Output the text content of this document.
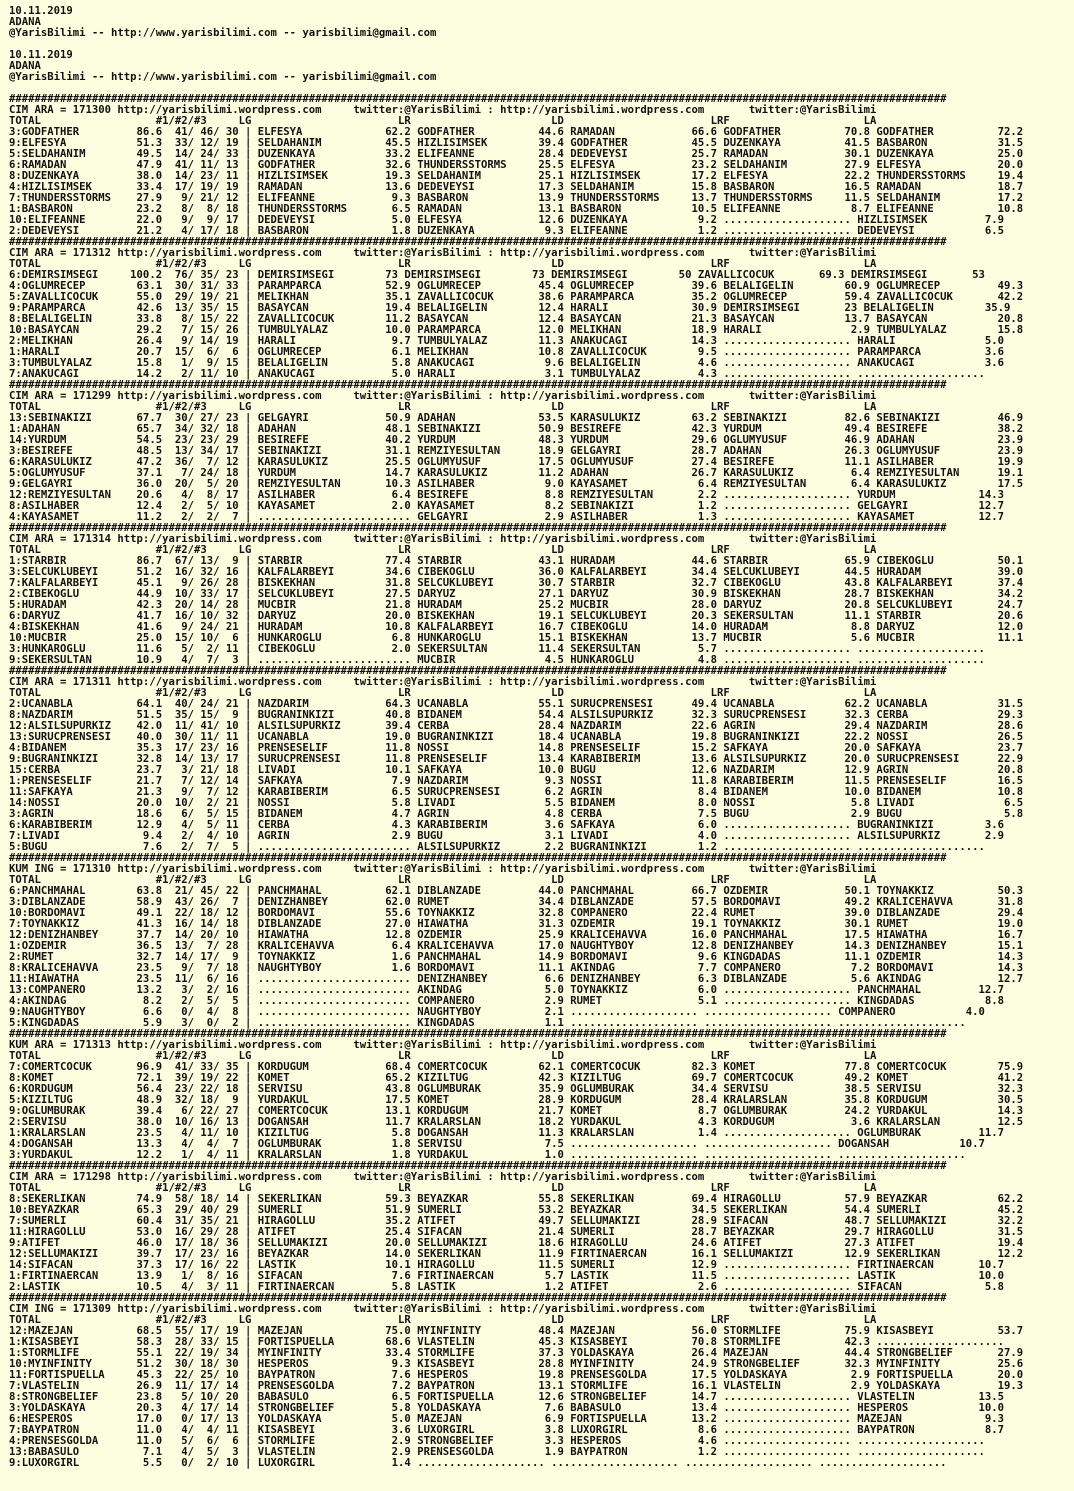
10.11.2019
ADANA
@YarisBilimi -- http://www.yarisbilimi.com -- yarisbilimi@gmail.com
10.11.2019
ADANA
@YarisBilimi -- http://www.yarisbilimi.com -- yarisbilimi@gmail.com
###################################################################################################################################################
CIM ARA = 171300 http://yarisbilimi.wordpress.com     twitter:@YarisBilimi : http://yarisbilimi.wordpress.com       twitter:@YarisBilimi
TOTAL                  #1/#2/#3     LG                       LR                      LD                       LRF                     LA
3:GODFATHER         86.6  41/ 46/ 30 | ELFESYA             62.2 GODFATHER          44.6 RAMADAN            66.6 GODFATHER          70.8 GODFATHER          72.2
9:ELFESYA           51.3  33/ 12/ 19 | SELDAHANIM          45.5 HIZLISIMSEK        39.4 GODFATHER          45.5 DUZENKAYA          41.5 BASBARON           31.5
5:SELDAHANIM        49.5  14/ 24/ 33 | DUZENKAYA           33.2 ELIFEANNE          28.4 DEDEVEYSI          25.7 RAMADAN            30.1 DUZENKAYA          25.0
6:RAMADAN           47.9  41/ 11/ 13 | GODFATHER           32.6 THUNDERSSTORMS     25.5 ELFESYA            23.2 SELDAHANIM         27.9 ELFESYA            20.0
8:DUZENKAYA         38.0  14/ 23/ 11 | HIZLISIMSEK         19.3 SELDAHANIM         25.1 HIZLISIMSEK        17.2 ELFESYA            22.2 THUNDERSSTORMS     19.4
4:HIZLISIMSEK       33.4  17/ 19/ 19 | RAMADAN             13.6 DEDEVEYSI          17.3 SELDAHANIM         15.8 BASBARON           16.5 RAMADAN            18.7
7:THUNDERSSTORMS    27.9   9/ 21/ 12 | ELIFEANNE            9.3 BASBARON           13.9 THUNDERSSTORMS     13.7 THUNDERSSTORMS     11.5 SELDAHANIM         17.2
1:BASBARON          23.2   8/  8/ 18 | THUNDERSSTORMS       6.5 RAMADAN            13.1 BASBARON           10.5 ELIFEANNE           8.7 ELIFEANNE          10.8
10:ELIFEANNE        22.0   9/  9/ 17 | DEDEVEYSI            5.0 ELFESYA            12.6 DUZENKAYA           9.2 .................... HIZLISIMSEK         7.9
2:DEDEVEYSI         21.2   4/ 17/ 18 | BASBARON             1.8 DUZENKAYA           9.3 ELIFEANNE           1.2 .................... DEDEVEYSI           6.5
###################################################################################################################################################
CIM ARA = 171312 http://yarisbilimi.wordpress.com     twitter:@YarisBilimi : http://yarisbilimi.wordpress.com       twitter:@YarisBilimi
TOTAL                  #1/#2/#3     LG                       LR                      LD                       LRF                     LA
6:DEMIRSIMSEGI     100.2  76/ 35/ 23 | DEMIRSIMSEGI        73 DEMIRSIMSEGI        73 DEMIRSIMSEGI        50 ZAVALLICOCUK       69.3 DEMIRSIMSEGI       53
4:OGLUMRECEP        63.1  30/ 31/ 33 | PARAMPARCA          52.9 OGLUMRECEP         45.4 OGLUMRECEP         39.6 BELALIGELIN        60.9 OGLUMRECEP         49.3
5:ZAVALLICOCUK      55.0  29/ 19/ 21 | MELIKHAN            35.1 ZAVALLICOCUK       38.6 PARAMPARCA         35.2 OGLUMRECEP         59.4 ZAVALLICOCUK       42.2
9:PARAMPARCA        42.6  13/ 35/ 15 | BASAYCAN            19.4 BELALIGELIN        12.4 HARALI             30.9 DEMIRSIMSEGI       23 BELALIGELIN        35.9
8:BELALIGELIN       33.8   8/ 15/ 22 | ZAVALLICOCUK        11.2 BASAYCAN           12.4 BASAYCAN           21.3 BASAYCAN           13.7 BASAYCAN           20.8
10:BASAYCAN         29.2   7/ 15/ 26 | TUMBULYALAZ         10.0 PARAMPARCA         12.0 MELIKHAN           18.9 HARALI              2.9 TUMBULYALAZ        15.8
2:MELIKHAN          26.4   9/ 14/ 19 | HARALI               9.7 TUMBULYALAZ        11.3 ANAKUCAGI          14.3 .................... HARALI              5.0
1:HARALI            20.7  15/  6/  6 | OGLUMRECEP           6.1 MELIKHAN           10.8 ZAVALLICOCUK        9.5 .................... PARAMPARCA          3.6
3:TUMBULYALAZ       15.8   1/  9/ 15 | BELALIGELIN          5.8 ANAKUCAGI           9.6 BELALIGELIN         4.6 .................... ANAKUCAGI           3.6
7:ANAKUCAGI         14.2   2/ 11/ 10 | ANAKUCAGI            5.0 HARALI              3.1 TUMBULYALAZ         4.3 .................... ....................
###################################################################################################################################################
CIM ARA = 171299 http://yarisbilimi.wordpress.com     twitter:@YarisBilimi : http://yarisbilimi.wordpress.com       twitter:@YarisBilimi
TOTAL                  #1/#2/#3     LG                       LR                      LD                       LRF                     LA
13:SEBINAKIZI       67.7  30/ 27/ 23 | GELGAYRI            50.9 ADAHAN             53.5 KARASULUKIZ        63.2 SEBINAKIZI         82.6 SEBINAKIZI         46.9
1:ADAHAN            65.7  34/ 32/ 18 | ADAHAN              48.1 SEBINAKIZI         50.9 BESIREFE           42.3 YURDUM             49.4 BESIREFE           38.2
14:YURDUM           54.5  23/ 23/ 29 | BESIREFE            40.2 YURDUM             48.3 YURDUM             29.6 OGLUMYUSUF         46.9 ADAHAN             23.9
3:BESIREFE          48.5  13/ 34/ 17 | SEBINAKIZI          31.1 REMZIYESULTAN      18.9 GELGAYRI           28.7 ADAHAN             26.3 OGLUMYUSUF         23.9
6:KARASULUKIZ       47.2  36/  7/ 12 | KARASULUKIZ         25.5 OGLUMYUSUF         17.5 OGLUMYUSUF         27.4 BESIREFE           11.1 ASILHABER          19.9
5:OGLUMYUSUF        37.1   7/ 24/ 18 | YURDUM              14.7 KARASULUKIZ        11.2 ADAHAN             26.7 KARASULUKIZ         6.4 REMZIYESULTAN      19.1
9:GELGAYRI          36.0  20/  5/ 20 | REMZIYESULTAN       10.3 ASILHABER           9.0 KAYASAMET           6.4 REMZIYESULTAN       6.4 KARASULUKIZ        17.5
12:REMZIYESULTAN    20.6   4/  8/ 17 | ASILHABER            6.4 BESIREFE            8.8 REMZIYESULTAN       2.2 .................... YURDUM             14.3
8:ASILHABER         12.4   2/  5/ 10 | KAYASAMET            2.0 KAYASAMET           8.2 SEBINAKIZI          1.2 .................... GELGAYRI           12.7
4:KAYASAMET         11.2   2/  2/  7 | ........................ GELGAYRI            2.9 ASILHABER           1.3 .................... KAYASAMET          12.7
###################################################################################################################################################
CIM ARA = 171314 http://yarisbilimi.wordpress.com     twitter:@YarisBilimi : http://yarisbilimi.wordpress.com       twitter:@YarisBilimi
TOTAL                  #1/#2/#3     LG                       LR                      LD                       LRF                     LA
1:STARBIR           86.7  67/ 13/  9 | STARBIR             77.4 STARBIR            43.1 HURADAM            44.6 STARBIR            65.9 CIBEKOGLU          50.1
3:SELCUKLUBEYI      51.2  16/ 32/ 16 | KALFALARBEYI        34.6 CIBEKOGLU          36.0 KALFALARBEYI       34.4 SELCUKLUBEYI       44.5 HURADAM            39.0
7:KALFALARBEYI      45.1   9/ 26/ 28 | BISKEKHAN           31.8 SELCUKLUBEYI       30.7 STARBIR            32.7 CIBEKOGLU          43.8 KALFALARBEYI       37.4
2:CIBEKOGLU         44.9  10/ 33/ 17 | SELCUKLUBEYI        27.5 DARYUZ             27.1 DARYUZ             30.9 BISKEKHAN          28.7 BISKEKHAN          34.2
5:HURADAM           42.3  20/ 14/ 28 | MUCBIR              21.8 HURADAM            25.2 MUCBIR             28.0 DARYUZ             20.8 SELCUKLUBEYI       24.7
6:DARYUZ            41.7  16/ 10/ 32 | DARYUZ              20.0 BISKEKHAN          19.1 SELCUKLUBEYI       20.3 SEKERSULTAN        11.1 STARBIR            20.6
4:BISKEKHAN         41.6   9/ 24/ 21 | HURADAM             10.8 KALFALARBEYI       16.7 CIBEKOGLU          14.0 HURADAM             8.8 DARYUZ             12.0
10:MUCBIR           25.0  15/ 10/  6 | HUNKAROGLU           6.8 HUNKAROGLU         15.1 BISKEKHAN          13.7 MUCBIR              5.6 MUCBIR             11.1
3:HUNKAROGLU        11.6   5/  2/ 11 | CIBEKOGLU            2.0 SEKERSULTAN        11.4 SEKERSULTAN         5.7 .................... ....................
9:SEKERSULTAN       10.9   4/  7/  3 | ........................ MUCBIR              4.5 HUNKAROGLU          4.8 .................... ....................
###################################################################################################################################################
CIM ARA = 171311 http://yarisbilimi.wordpress.com     twitter:@YarisBilimi : http://yarisbilimi.wordpress.com       twitter:@YarisBilimi
TOTAL                  #1/#2/#3     LG                       LR                      LD                       LRF                     LA
2:UCANABLA          64.1  40/ 24/ 21 | NAZDARIM            64.3 UCANABLA           55.1 SURUCPRENSESI      49.4 UCANABLA           62.2 UCANABLA           31.5
8:NAZDARIM          51.5  35/ 15/  9 | BUGRANINKIZI        40.8 BIDANEM            54.4 ALSILSUPURKIZ      32.3 SURUCPRENSESI      32.3 CERBA              29.3
12:ALSILSUPURKIZ    42.0  11/ 41/ 10 | ALSILSUPURKIZ       39.4 CERBA              28.4 NAZDARIM           22.6 AGRIN              29.4 NAZDARIM           28.6
13:SURUCPRENSESI    40.0  30/ 11/ 11 | UCANABLA            19.0 BUGRANINKIZI       18.4 UCANABLA           19.8 BUGRANINKIZI       22.2 NOSSI              26.5
4:BIDANEM           35.3  17/ 23/ 16 | PRENSESELIF         11.8 NOSSI              14.8 PRENSESELIF        15.2 SAFKAYA            20.0 SAFKAYA            23.7
9:BUGRANINKIZI      32.8  14/ 13/ 17 | SURUCPRENSESI       11.8 PRENSESELIF        13.4 KARABIBERIM        13.6 ALSILSUPURKIZ      20.0 SURUCPRENSESI      22.9
15:CERBA            23.7   3/ 21/ 18 | LIVADI              10.1 SAFKAYA            10.0 BUGU               12.6 NAZDARIM           12.9 AGRIN              20.8
1:PRENSESELIF       21.7   7/ 12/ 14 | SAFKAYA              7.9 NAZDARIM            9.3 NOSSI              11.8 KARABIBERIM        11.5 PRENSESELIF        16.5
11:SAFKAYA          21.3   9/  7/ 12 | KARABIBERIM          6.5 SURUCPRENSESI       6.2 AGRIN               8.4 BIDANEM            10.0 BIDANEM            10.8
14:NOSSI            20.0  10/  2/ 21 | NOSSI                5.8 LIVADI              5.5 BIDANEM             8.0 NOSSI               5.8 LIVADI              6.5
3:AGRIN             18.6   6/  5/ 15 | BIDANEM              4.7 AGRIN               4.8 CERBA               7.5 BUGU                2.9 BUGU                5.8
6:KARABIBERIM       12.9   4/  5/ 11 | CERBA                4.3 KARABIBERIM         3.6 SAFKAYA             6.0 .................... BUGRANINKIZI        3.6
7:LIVADI             9.4   2/  4/ 10 | AGRIN                2.9 BUGU                3.1 LIVADI              4.0 .................... ALSILSUPURKIZ       2.9
5:BUGU               7.6   2/  7/  5 | ........................ ALSILSUPURKIZ       2.2 BUGRANINKIZI        1.2 .................... ....................
###################################################################################################################################################
KUM ING = 171310 http://yarisbilimi.wordpress.com     twitter:@YarisBilimi : http://yarisbilimi.wordpress.com       twitter:@YarisBilimi
TOTAL                  #1/#2/#3     LG                       LR                      LD                       LRF                     LA
6:PANCHMAHAL        63.8  21/ 45/ 22 | PANCHMAHAL          62.1 DIBLANZADE         44.0 PANCHMAHAL         66.7 OZDEMIR            50.1 TOYNAKKIZ          50.3
3:DIBLANZADE        58.9  43/ 26/  7 | DENIZHANBEY         62.0 RUMET              34.4 DIBLANZADE         57.5 BORDOMAVI          49.2 KRALICEHAVVA       31.8
10:BORDOMAVI        49.1  22/ 18/ 12 | BORDOMAVI           55.6 TOYNAKKIZ          32.8 COMPANERO          22.4 RUMET              39.0 DIBLANZADE         29.4
7:TOYNAKKIZ         41.3  16/ 14/ 18 | DIBLANZADE          27.0 HIAWATHA           31.3 OZDEMIR            19.1 TOYNAKKIZ          30.1 RUMET              19.0
12:DENIZHANBEY      37.7  14/ 20/ 10 | HIAWATHA            12.8 OZDEMIR            25.9 KRALICEHAVVA       16.0 PANCHMAHAL         17.5 HIAWATHA           16.7
1:OZDEMIR           36.5  13/  7/ 28 | KRALICEHAVVA         6.4 KRALICEHAVVA       17.0 NAUGHTYBOY         12.8 DENIZHANBEY        14.3 DENIZHANBEY        15.1
2:RUMET             32.7  14/ 17/  9 | TOYNAKKIZ            1.6 PANCHMAHAL         14.9 BORDOMAVI           9.6 KINGDADAS          11.1 OZDEMIR            14.3
8:KRALICEHAVVA      23.5   9/  7/ 18 | NAUGHTYBOY           1.6 BORDOMAVI          11.1 AKINDAG             7.7 COMPANERO           7.2 BORDOMAVI          14.3
11:HIAWATHA         23.5  11/  6/ 16 | ........................ DENIZHANBEY         6.6 DENIZHANBEY         6.3 DIBLANZADE          5.6 AKINDAG            12.7
13:COMPANERO        13.2   3/  2/ 16 | ........................ AKINDAG             5.0 TOYNAKKIZ           6.0 .................... PANCHMAHAL         12.7
4:AKINDAG            8.2   2/  5/  5 | ........................ COMPANERO           2.9 RUMET               5.1 .................... KINGDADAS           8.8
9:NAUGHTYBOY         6.6   0/  4/  8 | ........................ NAUGHTYBOY          2.1 .................... .................... COMPANERO           4.0
5:KINGDADAS          5.9   3/  0/  2 | ........................ KINGDADAS           1.1 .................... .................... ....................
###################################################################################################################################################
KUM ARA = 171313 http://yarisbilimi.wordpress.com     twitter:@YarisBilimi : http://yarisbilimi.wordpress.com       twitter:@YarisBilimi
TOTAL                  #1/#2/#3     LG                       LR                      LD                       LRF                     LA
7:COMERTCOCUK       96.9  41/ 33/ 35 | KORDUGUM            68.4 COMERTCOCUK        62.1 COMERTCOCUK        82.3 KOMET              77.8 COMERTCOCUK        75.9
8:KOMET             72.1  39/ 19/ 22 | KOMET               65.2 KIZILTUG           42.3 KIZILTUG           69.7 COMERTCOCUK        49.2 KOMET              41.2
6:KORDUGUM          56.4  23/ 22/ 18 | SERVISU             43.8 OGLUMBURAK         35.9 OGLUMBURAK         34.4 SERVISU            38.5 SERVISU            32.3
5:KIZILTUG          48.9  32/ 18/  9 | YURDAKUL            17.5 KOMET              28.9 KORDUGUM           28.4 KRALARSLAN         35.8 KORDUGUM           30.5
9:OGLUMBURAK        39.4   6/ 22/ 27 | COMERTCOCUK         13.1 KORDUGUM           21.7 KOMET               8.7 OGLUMBURAK         24.2 YURDAKUL           14.3
2:SERVISU           38.0  10/ 16/ 13 | DOGANSAH            11.7 KRALARSLAN         18.2 YURDAKUL            4.3 KORDUGUM            3.6 KRALARSLAN         12.5
1:KRALARSLAN        23.5   4/ 11/ 10 | KIZILTUG             5.8 DOGANSAH           11.3 KRALARSLAN          1.4 .................... OGLUMBURAK         11.7
4:DOGANSAH          13.3   4/  4/  7 | OGLUMBURAK           1.8 SERVISU             7.5 .................... .................... DOGANSAH           10.7
3:YURDAKUL          12.2   1/  4/ 11 | KRALARSLAN           1.8 YURDAKUL            1.0 .................... .................... ....................
###################################################################################################################################################
CIM ARA = 171298 http://yarisbilimi.wordpress.com     twitter:@YarisBilimi : http://yarisbilimi.wordpress.com       twitter:@YarisBilimi
TOTAL                  #1/#2/#3     LG                       LR                      LD                       LRF                     LA
8:SEKERLIKAN        74.9  58/ 18/ 14 | SEKERLIKAN          59.3 BEYAZKAR           55.8 SEKERLIKAN         69.4 HIRAGOLLU          57.9 BEYAZKAR           62.2
10:BEYAZKAR         65.3  29/ 40/ 29 | SUMERLI             51.9 SUMERLI            53.2 BEYAZKAR           34.5 SEKERLIKAN         54.4 SUMERLI            45.2
7:SUMERLI           60.4  31/ 35/ 21 | HIRAGOLLU           35.2 ATIFET             49.7 SELLUMAKIZI        28.9 SIFACAN            48.7 SELLUMAKIZI        32.2
11:HIRAGOLLU        53.0  16/ 29/ 28 | ATIFET              25.4 SIFACAN            21.4 SUMERLI            28.7 BEYAZKAR           29.7 HIRAGOLLU          31.5
9:ATIFET            46.0  17/ 18/ 36 | SELLUMAKIZI         20.0 SELLUMAKIZI        18.6 HIRAGOLLU          24.6 ATIFET             27.3 ATIFET             19.4
12:SELLUMAKIZI      39.7  17/ 23/ 16 | BEYAZKAR            14.0 SEKERLIKAN         11.9 FIRTINAERCAN       16.1 SELLUMAKIZI        12.9 SEKERLIKAN         12.2
14:SIFACAN          37.3  17/ 16/ 22 | LASTIK              10.1 HIRAGOLLU          11.5 SUMERLI            12.9 .................... FIRTINAERCAN       10.7
1:FIRTINAERCAN      13.9   1/  8/ 16 | SIFACAN              7.6 FIRTINAERCAN        5.7 LASTIK             11.5 .................... LASTIK             10.0
2:LASTIK            10.5   4/  3/ 11 | FIRTINAERCAN         5.8 LASTIK              1.2 ATIFET              2.6 .................... SIFACAN             5.8
###################################################################################################################################################
CIM ING = 171309 http://yarisbilimi.wordpress.com     twitter:@YarisBilimi : http://yarisbilimi.wordpress.com       twitter:@YarisBilimi
TOTAL                  #1/#2/#3     LG                       LR                      LD                       LRF                     LA
12:MAZEJAN          68.5  55/ 17/ 19 | MAZEJAN             75.0 MYINFINITY         48.4 MAZEJAN            56.0 STORMLIFE          75.9 KISASBEYI          53.7
1:KISASBEYI         58.3  28/ 33/ 15 | FORTISPUELLA        68.6 VLASTELIN          45.3 KISASBEYI          70.8 STORMLIFE          42.3 ....................
1:STORMLIFE         55.1  22/ 19/ 34 | MYINFINITY          33.4 STORMLIFE          37.3 YOLDASKAYA         26.4 MAZEJAN            44.4 STRONGBELIEF       27.9
10:MYINFINITY       51.2  30/ 18/ 30 | HESPEROS             9.3 KISASBEYI          28.8 MYINFINITY         24.9 STRONGBELIEF       32.3 MYINFINITY         25.6
11:FORTISPUELLA     45.3  22/ 25/ 10 | BAYPATRON            7.6 HESPEROS           19.8 PRENSESGOLDA       17.5 YOLDASKAYA          2.9 FORTISPUELLA       20.0
7:VLASTELIN         26.9  11/ 17/ 14 | PRENSESGOLDA         7.2 BAYPATRON          13.1 STORMLIFE          16.1 VLASTELIN           2.9 YOLDASKAYA         19.3
8:STRONGBELIEF      23.8   5/ 10/ 20 | BABASULO             6.5 FORTISPUELLA       12.6 STRONGBELIEF       14.7 .................... VLASTELIN          13.5
3:YOLDASKAYA        20.3   4/ 17/ 14 | STRONGBELIEF         5.8 YOLDASKAYA          7.6 BABASULO           13.4 .................... HESPEROS           10.0
6:HESPEROS          17.0   0/ 17/ 13 | YOLDASKAYA           5.0 MAZEJAN             6.9 FORTISPUELLA       13.2 .................... MAZEJAN             9.3
7:BAYPATRON         11.0   4/  4/ 11 | KISASBEYI            3.6 LUXORGIRL           3.8 LUXORGIRL           8.6 .................... BAYPATRON           8.7
4:PRENSESGOLDA      11.0   5/  6/  6 | STORMLIFE            2.9 STRONGBELIEF        3.3 HESPEROS            4.6 .................... ....................
13:BABASULO          7.1   4/  5/  3 | VLASTELIN            2.9 PRENSESGOLDA        1.9 BAYPATRON           1.2 .................... ....................
9:LUXORGIRL          5.5   0/  2/ 10 | LUXORGIRL            1.4 .................... .................... .................... ....................
